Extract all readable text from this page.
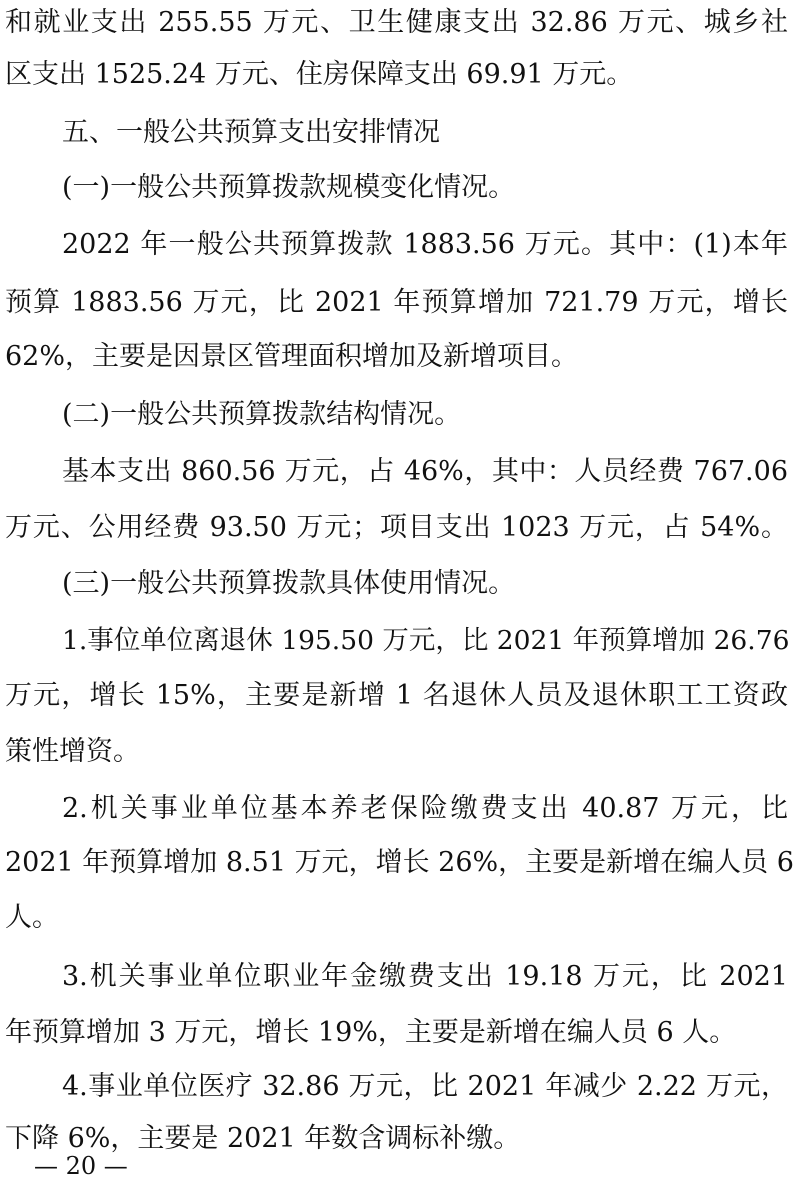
和就业支出 255.55 万元、卫生健康支出 32.86 万元、城乡社
区支出 1525.24 万元、住房保障支出 69.91 万元。
五、一般公共预算支出安排情况
(一)一般公共预算拨款规模变化情况。
2022 年一般公共预算拨款 1883.56 万元。其中：(1)本年
预算 1883.56 万元，比 2021 年预算增加 721.79 万元，增长
62%，主要是因景区管理面积增加及新增项目。
(二)一般公共预算拨款结构情况。
基本支出 860.56 万元，占 46%，其中：人员经费 767.06
万元、公用经费 93.50 万元；项目支出 1023 万元，占 54%。
(三)一般公共预算拨款具体使用情况。
1.事位单位离退休 195.50 万元，比 2021 年预算增加 26.76
万元，增长 15%，主要是新增 1 名退休人员及退休职工工资政
策性增资。
2.机关事业单位基本养老保险缴费支出 40.87 万元，比
2021 年预算增加 8.51 万元，增长 26%，主要是新增在编人员 6
人。
3.机关事业单位职业年金缴费支出 19.18 万元，比 2021
年预算增加 3 万元，增长 19%，主要是新增在编人员 6 人。
4.事业单位医疗 32.86 万元，比 2021 年减少 2.22 万元，
下降 6%，主要是 2021 年数含调标补缴。
— 20 —
